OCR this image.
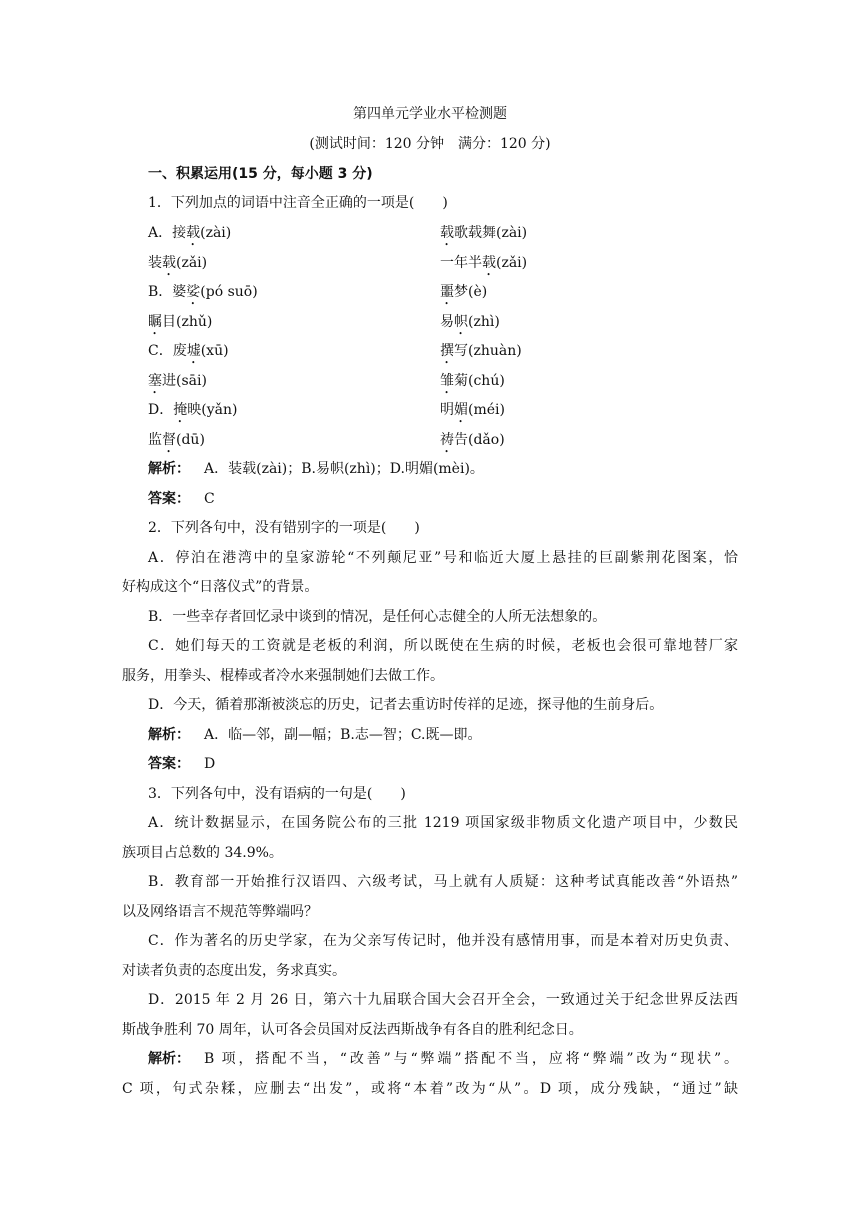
第四单元学业水平检测题
(测试时间：120 分钟　满分：120 分)
一、积累运用(15 分，每小题 3 分)
1．下列加点的词语中注音全正确的一项是(　　)
A．接载(zài)	载歌载舞(zài)
装载(zǎi)	一年半载(zǎi)
B．婆娑(pó suō)	噩梦(è)
瞩目(zhǔ)	易帜(zhì)
C．废墟(xū)	撰写(zhuàn)
塞进(sāi)	雏菊(chú)
D．掩映(yǎn)	明媚(méi)
监督(dū)	祷告(dǎo)
解析： A．装载(zài)；B.易帜(zhì)；D.明媚(mèi)。
答案： C
2．下列各句中，没有错别字的一项是(　　)
A．停泊在港湾中的皇家游轮“不列颠尼亚”号和临近大厦上悬挂的巨副紫荆花图案，恰
好构成这个“日落仪式”的背景。
B．一些幸存者回忆录中谈到的情况，是任何心志健全的人所无法想象的。
C．她们每天的工资就是老板的利润，所以既使在生病的时候，老板也会很可靠地替厂家
服务，用拳头、棍棒或者冷水来强制她们去做工作。
D．今天，循着那渐被淡忘的历史，记者去重访时传祥的足迹，探寻他的生前身后。
解析： A．临—邻，副—幅；B.志—智；C.既—即。
答案： D
3．下列各句中，没有语病的一句是(　　)
A．统计数据显示，在国务院公布的三批 1219 项国家级非物质文化遗产项目中，少数民
族项目占总数的 34.9%。
B．教育部一开始推行汉语四、六级考试，马上就有人质疑：这种考试真能改善“外语热”
以及网络语言不规范等弊端吗？
C．作为著名的历史学家，在为父亲写传记时，他并没有感情用事，而是本着对历史负责、
对读者负责的态度出发，务求真实。
D．2015 年 2 月 26 日，第六十九届联合国大会召开全会，一致通过关于纪念世界反法西
斯战争胜利 70 周年，认可各会员国对反法西斯战争有各自的胜利纪念日。
解析： B 项，搭配不当，“改善”与“弊端”搭配不当，应将“弊端”改为“现状”。
C 项，句式杂糅，应删去“出发”，或将“本着”改为“从”。D 项，成分残缺，“通过”缺
